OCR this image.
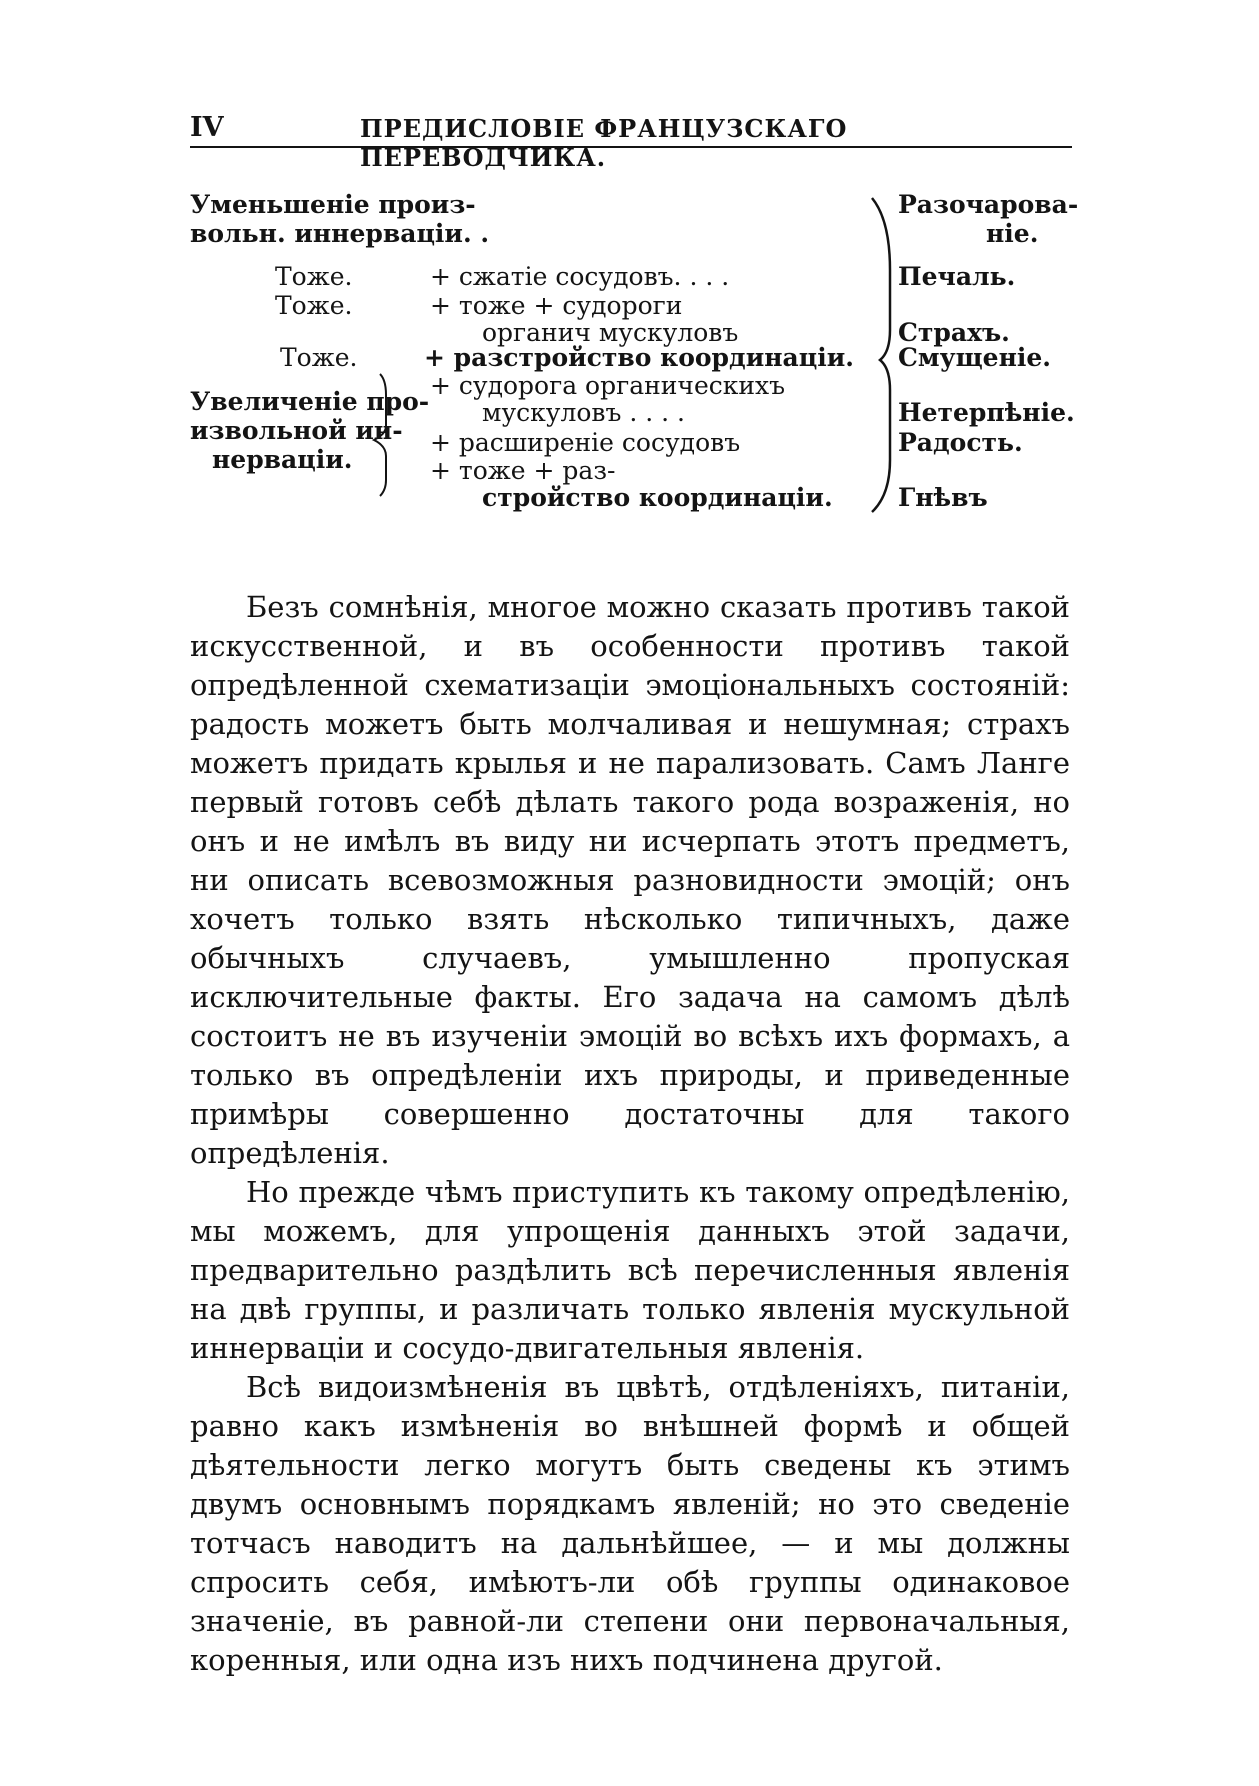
IV	ПРЕДИСЛОВІЕ ФРАНЦУЗСКАГО ПЕРЕВОДЧИКА.
Уменьшеніе произ-
вольн. иннерваціи. .
Тоже.
Тоже.
Тоже.
Увеличеніе про-
извольной ин-
нерваціи.
+ сжатіе сосудовъ. . . .
+ тоже + судороги
органич мускуловъ
+ разстройство координаціи.
+ судорога органическихъ
мускуловъ . . . .
+ расширеніе сосудовъ
+ тоже + раз-
стройство координаціи.
Разочарова-
ніе.
Печаль.
Страхъ.
Смущеніе.
Нетерпѣніе.
Радость.
Гнѣвъ

Безъ сомнѣнія, многое можно сказать противъ такой искусственной, и въ особенности противъ такой опредѣленной схематизаціи эмоціональныхъ состояній: радость можетъ быть молчаливая и нешумная; страхъ можетъ придать крылья и не парализовать. Самъ Ланге первый готовъ себѣ дѣлать такого рода возраженія, но онъ и не имѣлъ въ виду ни исчерпать этотъ предметъ, ни описать всевозможныя разновидности эмоцій; онъ хочетъ только взять нѣсколько типичныхъ, даже обычныхъ случаевъ, умышленно пропуская исключительные факты. Его задача на самомъ дѣлѣ состоитъ не въ изученіи эмоцій во всѣхъ ихъ формахъ, а только въ опредѣленіи ихъ природы, и приведенные примѣры совершенно достаточны для такого опредѣленія.

Но прежде чѣмъ приступить къ такому опредѣленію, мы можемъ, для упрощенія данныхъ этой задачи, предварительно раздѣлить всѣ перечисленныя явленія на двѣ группы, и различать только явленія мускульной иннерваціи и сосудо-двигательныя явленія.

Всѣ видоизмѣненія въ цвѣтѣ, отдѣленіяхъ, питаніи, равно какъ измѣненія во внѣшней формѣ и общей дѣятельности легко могутъ быть сведены къ этимъ двумъ основнымъ порядкамъ явленій; но это сведеніе тотчасъ наводитъ на дальнѣйшее, — и мы должны спросить себя, имѣютъ-ли обѣ группы одинаковое значеніе, въ равной-ли степени они первоначальныя, коренныя, или одна изъ нихъ подчинена другой.
